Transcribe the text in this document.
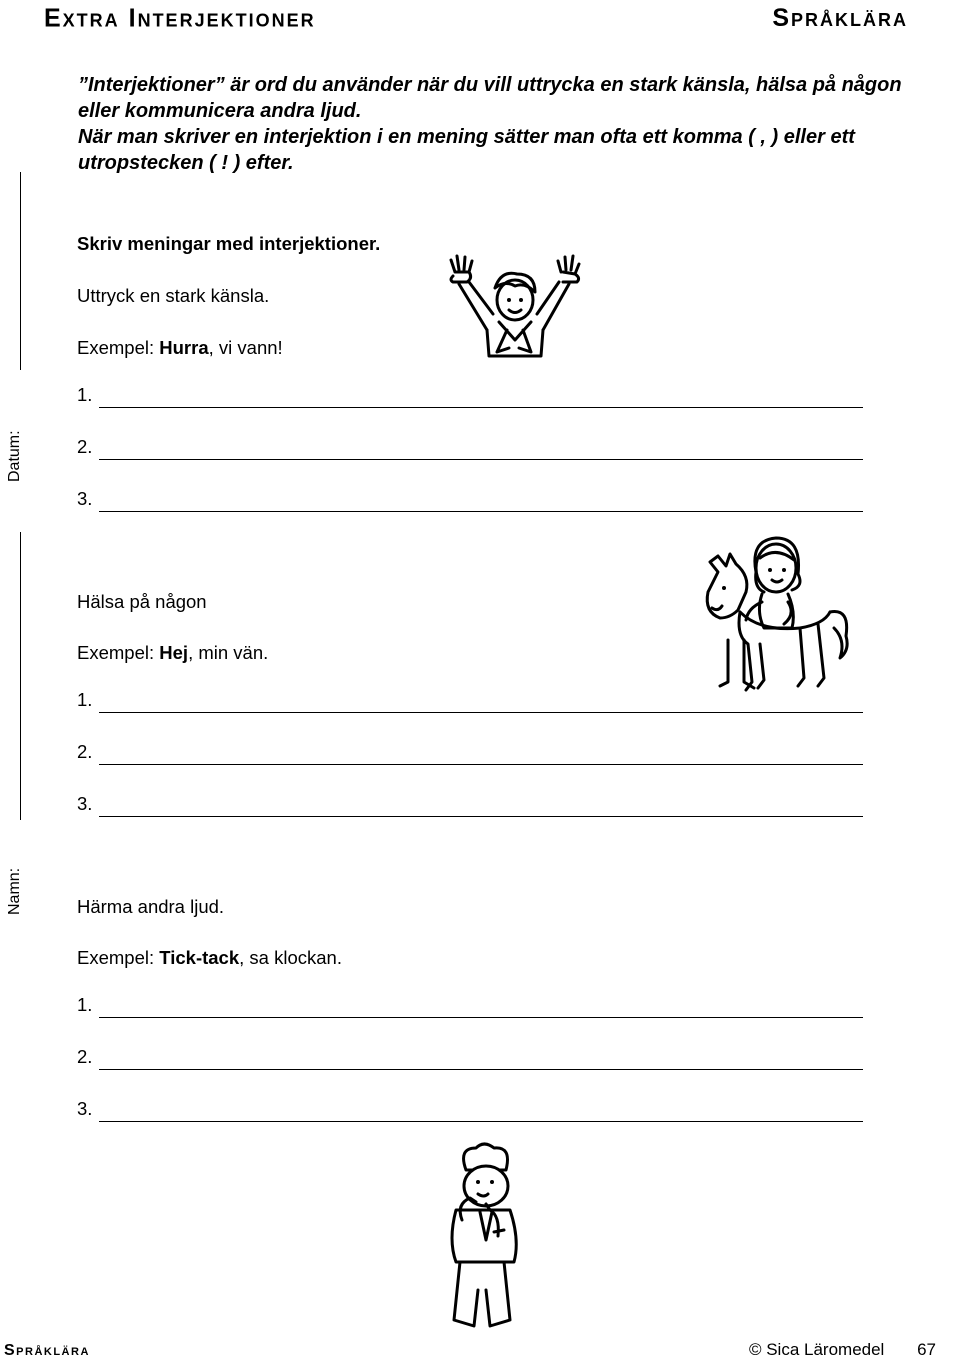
Extra Interjektioner	Språklära

”Interjektioner” är ord du använder när du vill uttrycka en stark känsla, hälsa på någon eller kommunicera andra ljud.

När man skriver en interjektion i en mening sätter man ofta ett komma ( , ) eller ett utropstecken ( ! ) efter.

Datum:
Namn:
Skriv meningar med interjektioner.
Uttryck en stark känsla.
Exempel: Hurra, vi vann!
1.
2.
3.
Hälsa på någon
Exempel: Hej, min vän.
1.
2.
3.
Härma andra ljud.
Exempel: Tick-tack, sa klockan.
1.
2.
3.
Språklära	© Sica Läromedel 67
